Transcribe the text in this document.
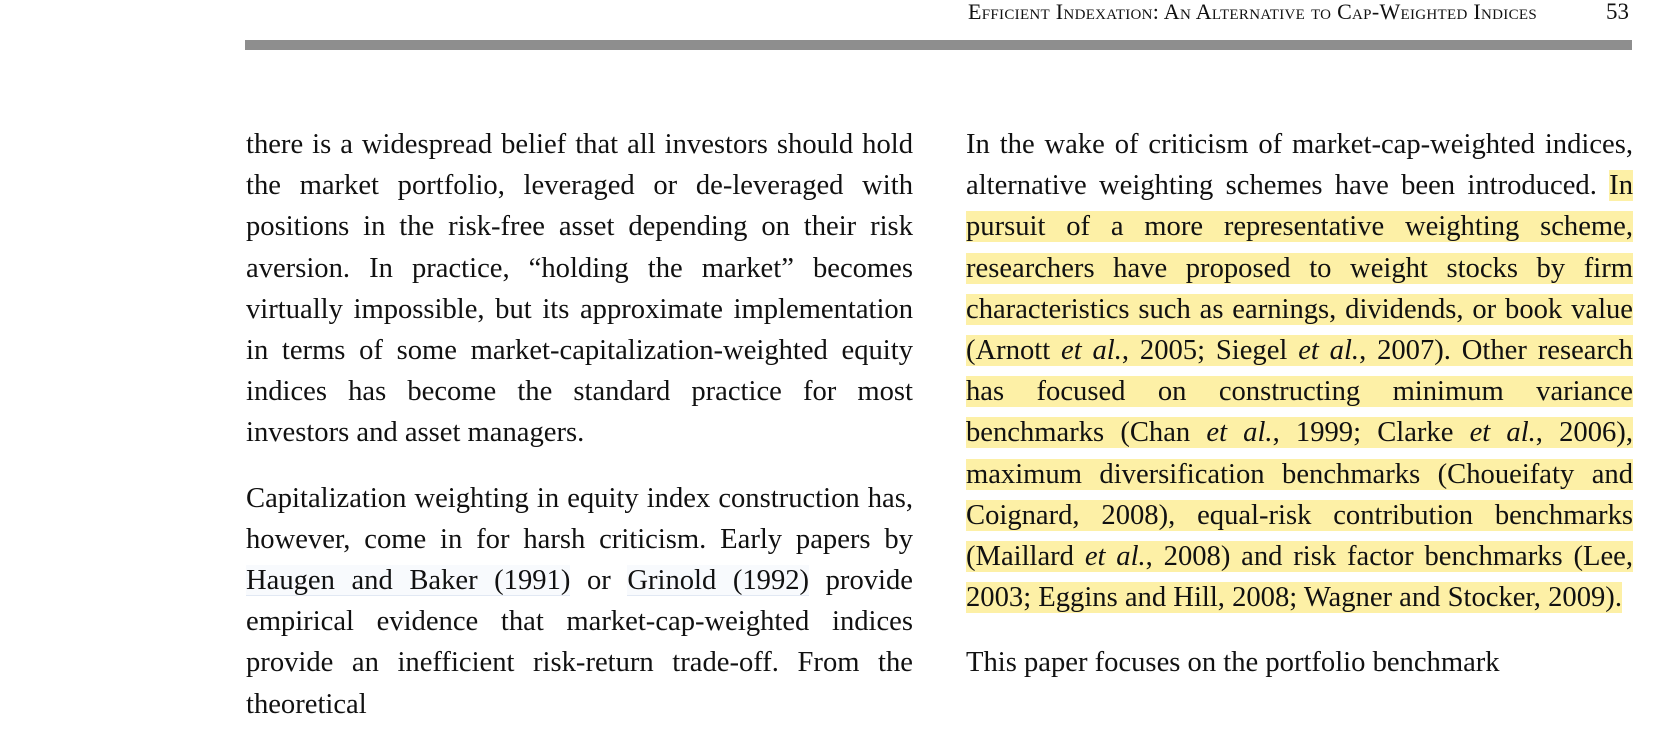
Efficient Indexation: An Alternative to Cap-Weighted Indices	53

there is a widespread belief that all investors should hold the market portfolio, leveraged or de-leveraged with positions in the risk-free asset depending on their risk aversion. In practice, “holding the market” becomes virtually impossible, but its approximate implementation in terms of some market-capitalization-weighted equity indices has become the standard practice for most investors and asset managers.

Capitalization weighting in equity index construction has, however, come in for harsh criticism. Early papers by Haugen and Baker (1991) or Grinold (1992) provide empirical evidence that market-cap-weighted indices provide an inefficient risk-return trade-off. From the theoretical

In the wake of criticism of market-cap-weighted indices, alternative weighting schemes have been introduced. In pursuit of a more representative weighting scheme, researchers have proposed to weight stocks by firm characteristics such as earnings, dividends, or book value (Arnott et al., 2005; Siegel et al., 2007). Other research has focused on constructing minimum variance benchmarks (Chan et al., 1999; Clarke et al., 2006), maximum diversification benchmarks (Choueifaty and Coignard, 2008), equal-risk contribution benchmarks (Maillard et al., 2008) and risk factor benchmarks (Lee, 2003; Eggins and Hill, 2008; Wagner and Stocker, 2009).

This paper focuses on the portfolio benchmark
